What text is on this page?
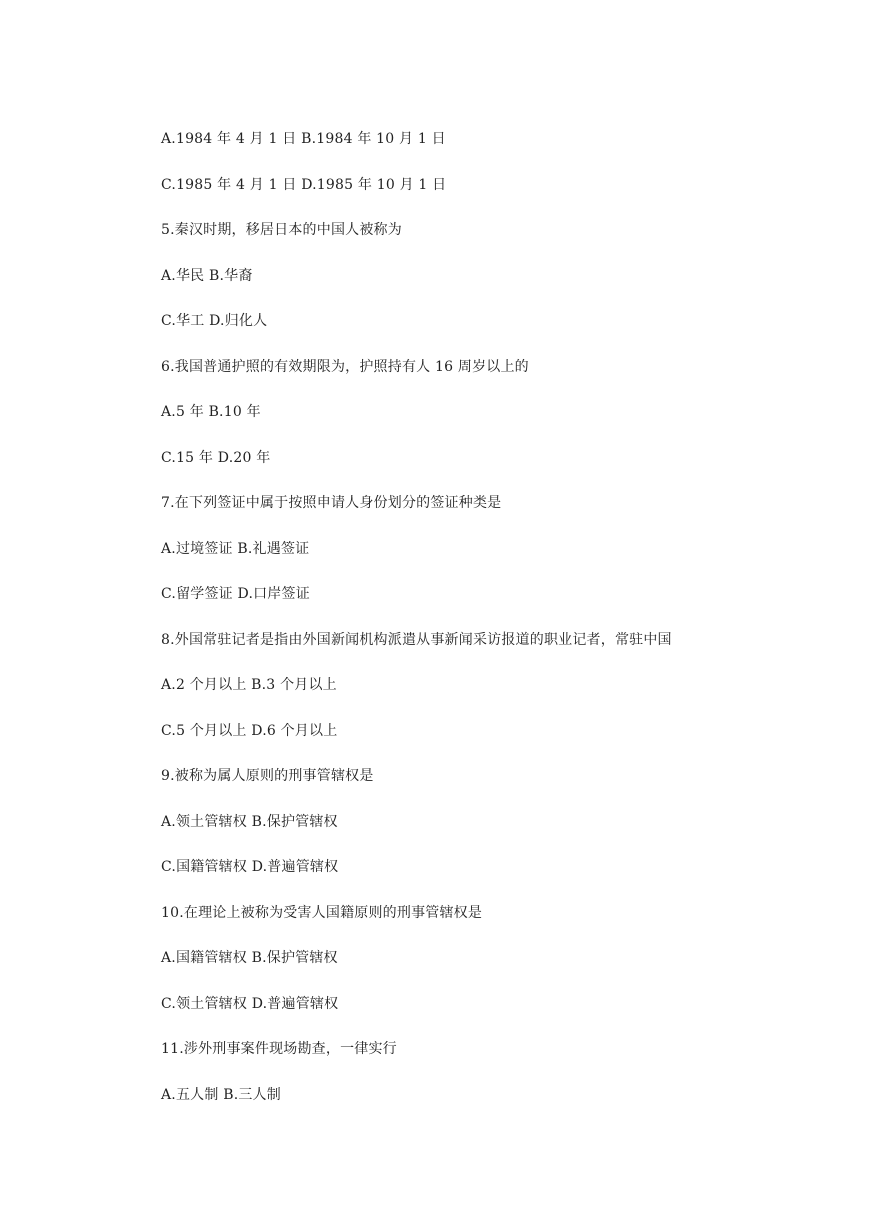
A.1984 年 4 月 1 日 B.1984 年 10 月 1 日
C.1985 年 4 月 1 日 D.1985 年 10 月 1 日
5.秦汉时期，移居日本的中国人被称为
A.华民 B.华裔
C.华工 D.归化人
6.我国普通护照的有效期限为，护照持有人 16 周岁以上的
A.5 年 B.10 年
C.15 年 D.20 年
7.在下列签证中属于按照申请人身份划分的签证种类是
A.过境签证 B.礼遇签证
C.留学签证 D.口岸签证
8.外国常驻记者是指由外国新闻机构派遣从事新闻采访报道的职业记者，常驻中国
A.2 个月以上 B.3 个月以上
C.5 个月以上 D.6 个月以上
9.被称为属人原则的刑事管辖权是
A.领土管辖权 B.保护管辖权
C.国籍管辖权 D.普遍管辖权
10.在理论上被称为受害人国籍原则的刑事管辖权是
A.国籍管辖权 B.保护管辖权
C.领土管辖权 D.普遍管辖权
11.涉外刑事案件现场勘查，一律实行
A.五人制 B.三人制
